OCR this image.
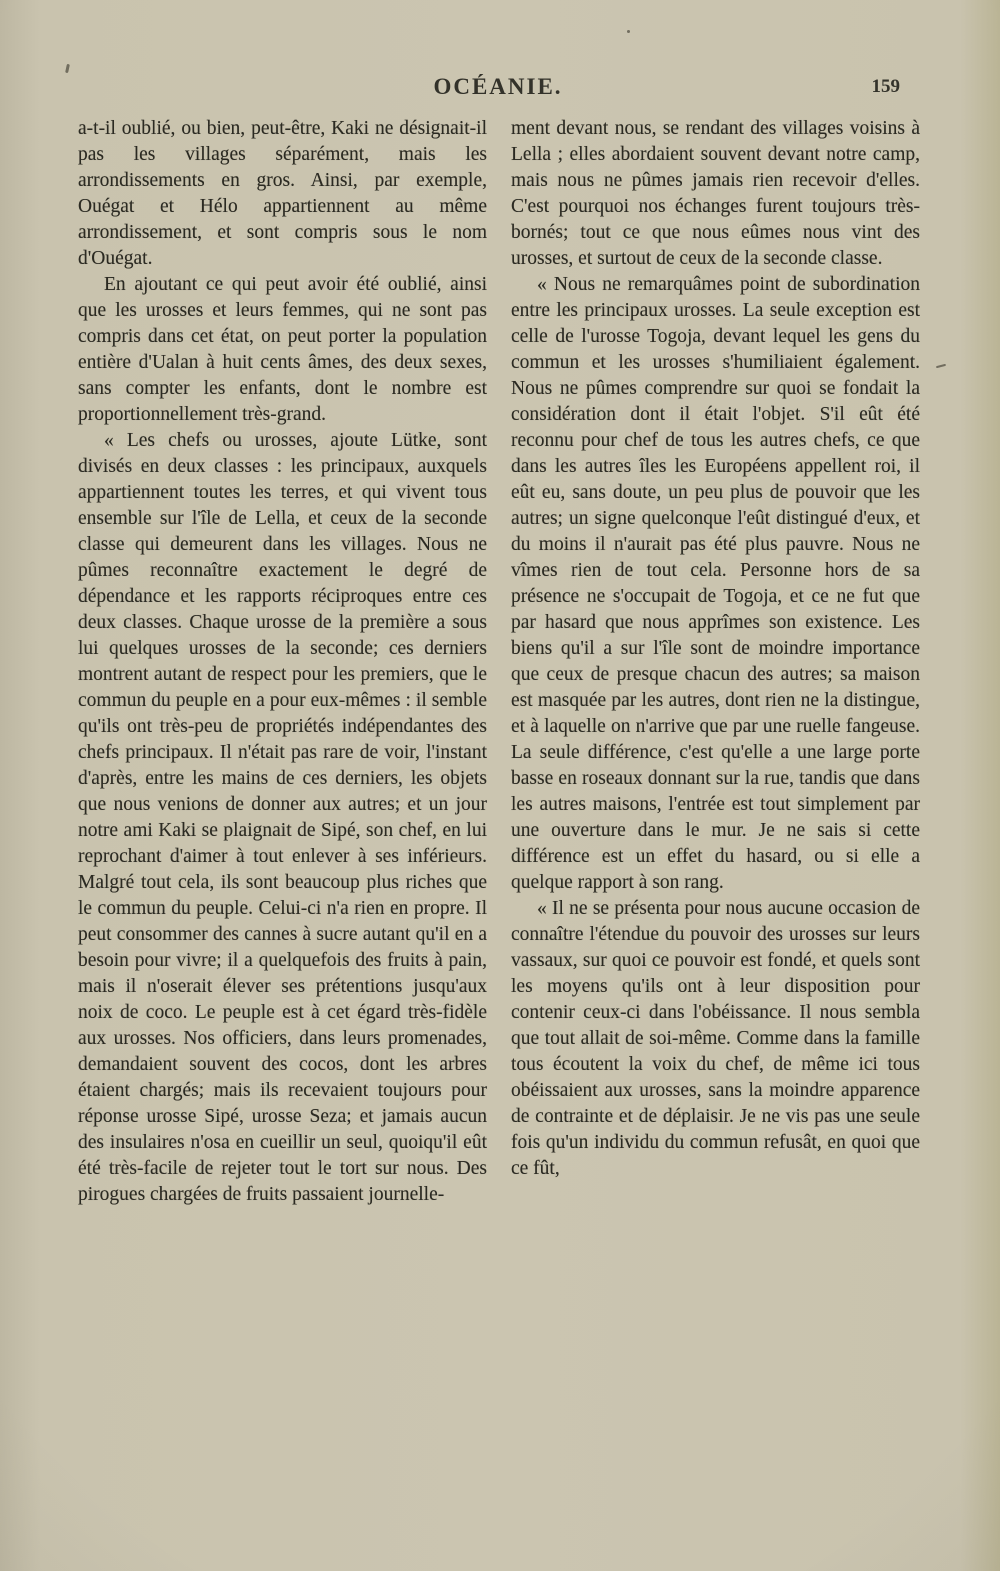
OCÉANIE.	159

a-t-il oublié, ou bien, peut-être, Kaki ne désignait-il pas les villages séparément, mais les arrondissements en gros. Ainsi, par exemple, Ouégat et Hélo appartiennent au même arrondissement, et sont compris sous le nom d'Ouégat.

En ajoutant ce qui peut avoir été oublié, ainsi que les urosses et leurs femmes, qui ne sont pas compris dans cet état, on peut porter la population entière d'Ualan à huit cents âmes, des deux sexes, sans compter les enfants, dont le nombre est proportionnellement très-grand.

« Les chefs ou urosses, ajoute Lütke, sont divisés en deux classes : les principaux, auxquels appartiennent toutes les terres, et qui vivent tous ensemble sur l'île de Lella, et ceux de la seconde classe qui demeurent dans les villages. Nous ne pûmes reconnaître exactement le degré de dépendance et les rapports réciproques entre ces deux classes. Chaque urosse de la première a sous lui quelques urosses de la seconde; ces derniers montrent autant de respect pour les premiers, que le commun du peuple en a pour eux-mêmes : il semble qu'ils ont très-peu de propriétés indépendantes des chefs principaux. Il n'était pas rare de voir, l'instant d'après, entre les mains de ces derniers, les objets que nous venions de donner aux autres; et un jour notre ami Kaki se plaignait de Sipé, son chef, en lui reprochant d'aimer à tout enlever à ses inférieurs. Malgré tout cela, ils sont beaucoup plus riches que le commun du peuple. Celui-ci n'a rien en propre. Il peut consommer des cannes à sucre autant qu'il en a besoin pour vivre; il a quelquefois des fruits à pain, mais il n'oserait élever ses prétentions jusqu'aux noix de coco. Le peuple est à cet égard très-fidèle aux urosses. Nos officiers, dans leurs promenades, demandaient souvent des cocos, dont les arbres étaient chargés; mais ils recevaient toujours pour réponse urosse Sipé, urosse Seza; et jamais aucun des insulaires n'osa en cueillir un seul, quoiqu'il eût été très-facile de rejeter tout le tort sur nous. Des pirogues chargées de fruits passaient journelle-

ment devant nous, se rendant des villages voisins à Lella ; elles abordaient souvent devant notre camp, mais nous ne pûmes jamais rien recevoir d'elles. C'est pourquoi nos échanges furent toujours très-bornés; tout ce que nous eûmes nous vint des urosses, et surtout de ceux de la seconde classe.

« Nous ne remarquâmes point de subordination entre les principaux urosses. La seule exception est celle de l'urosse Togoja, devant lequel les gens du commun et les urosses s'humiliaient également. Nous ne pûmes comprendre sur quoi se fondait la considération dont il était l'objet. S'il eût été reconnu pour chef de tous les autres chefs, ce que dans les autres îles les Européens appellent roi, il eût eu, sans doute, un peu plus de pouvoir que les autres; un signe quelconque l'eût distingué d'eux, et du moins il n'aurait pas été plus pauvre. Nous ne vîmes rien de tout cela. Personne hors de sa présence ne s'occupait de Togoja, et ce ne fut que par hasard que nous apprîmes son existence. Les biens qu'il a sur l'île sont de moindre importance que ceux de presque chacun des autres; sa maison est masquée par les autres, dont rien ne la distingue, et à laquelle on n'arrive que par une ruelle fangeuse. La seule différence, c'est qu'elle a une large porte basse en roseaux donnant sur la rue, tandis que dans les autres maisons, l'entrée est tout simplement par une ouverture dans le mur. Je ne sais si cette différence est un effet du hasard, ou si elle a quelque rapport à son rang.

« Il ne se présenta pour nous aucune occasion de connaître l'étendue du pouvoir des urosses sur leurs vassaux, sur quoi ce pouvoir est fondé, et quels sont les moyens qu'ils ont à leur disposition pour contenir ceux-ci dans l'obéissance. Il nous sembla que tout allait de soi-même. Comme dans la famille tous écoutent la voix du chef, de même ici tous obéissaient aux urosses, sans la moindre apparence de contrainte et de déplaisir. Je ne vis pas une seule fois qu'un individu du commun refusât, en quoi que ce fût,
